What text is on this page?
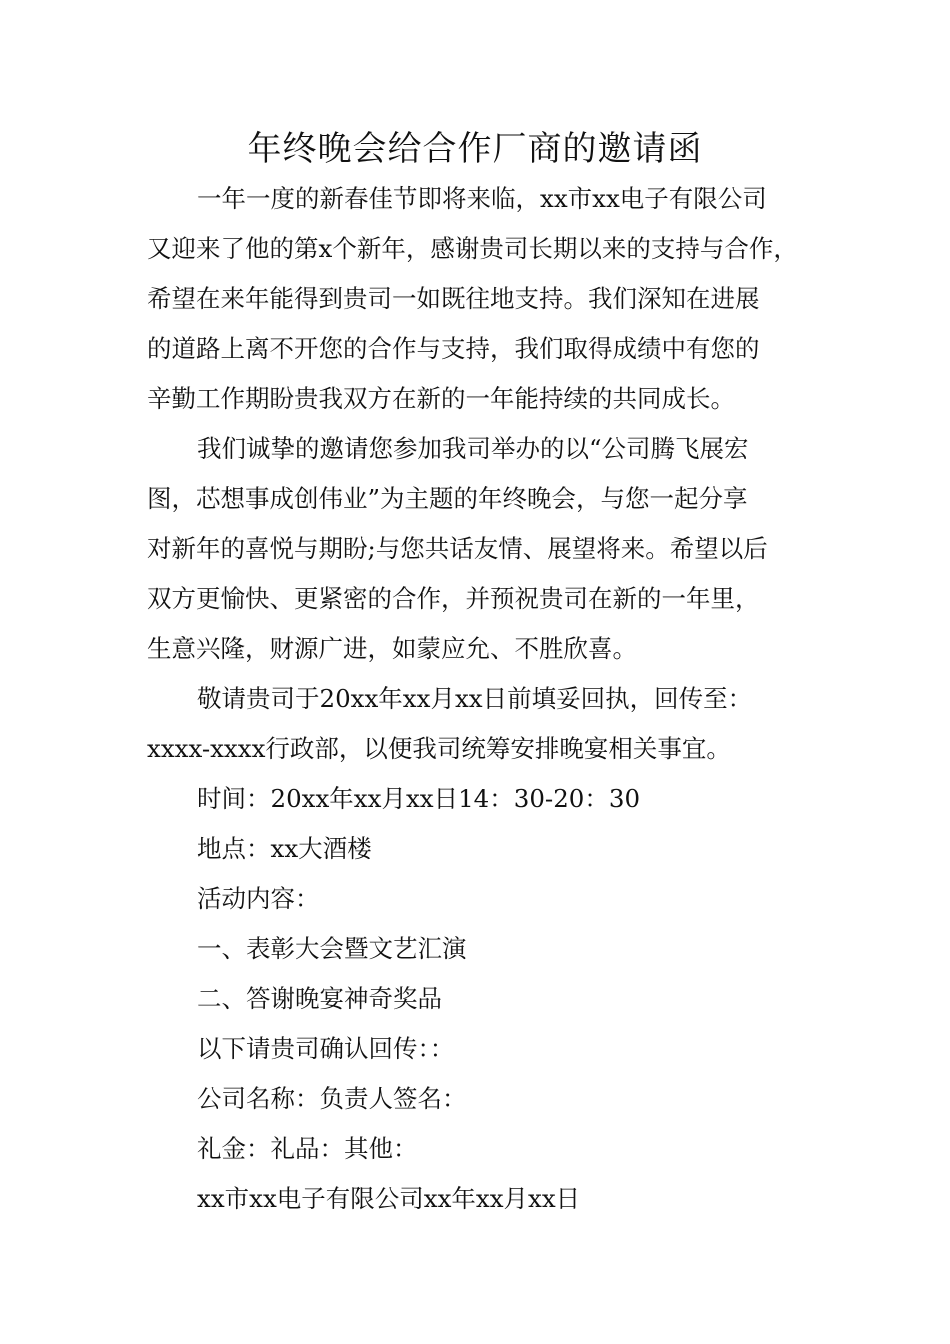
年终晚会给合作厂商的邀请函
一年一度的新春佳节即将来临，xx市xx电子有限公司
又迎来了他的第x个新年，感谢贵司长期以来的支持与合作，
希望在来年能得到贵司一如既往地支持。我们深知在进展
的道路上离不开您的合作与支持，我们取得成绩中有您的
辛勤工作期盼贵我双方在新的一年能持续的共同成长。
我们诚挚的邀请您参加我司举办的以“公司腾飞展宏
图，芯想事成创伟业”为主题的年终晚会，与您一起分享
对新年的喜悦与期盼;与您共话友情、展望将来。希望以后
双方更愉快、更紧密的合作，并预祝贵司在新的一年里，
生意兴隆，财源广进，如蒙应允、不胜欣喜。
敬请贵司于20xx年xx月xx日前填妥回执，回传至：
xxxx-xxxx行政部，以便我司统筹安排晚宴相关事宜。
时间：20xx年xx月xx日14：30-20：30
地点：xx大酒楼
活动内容：
一、表彰大会暨文艺汇演
二、答谢晚宴神奇奖品
以下请贵司确认回传：：
公司名称：负责人签名：
礼金：礼品：其他：
xx市xx电子有限公司xx年xx月xx日
